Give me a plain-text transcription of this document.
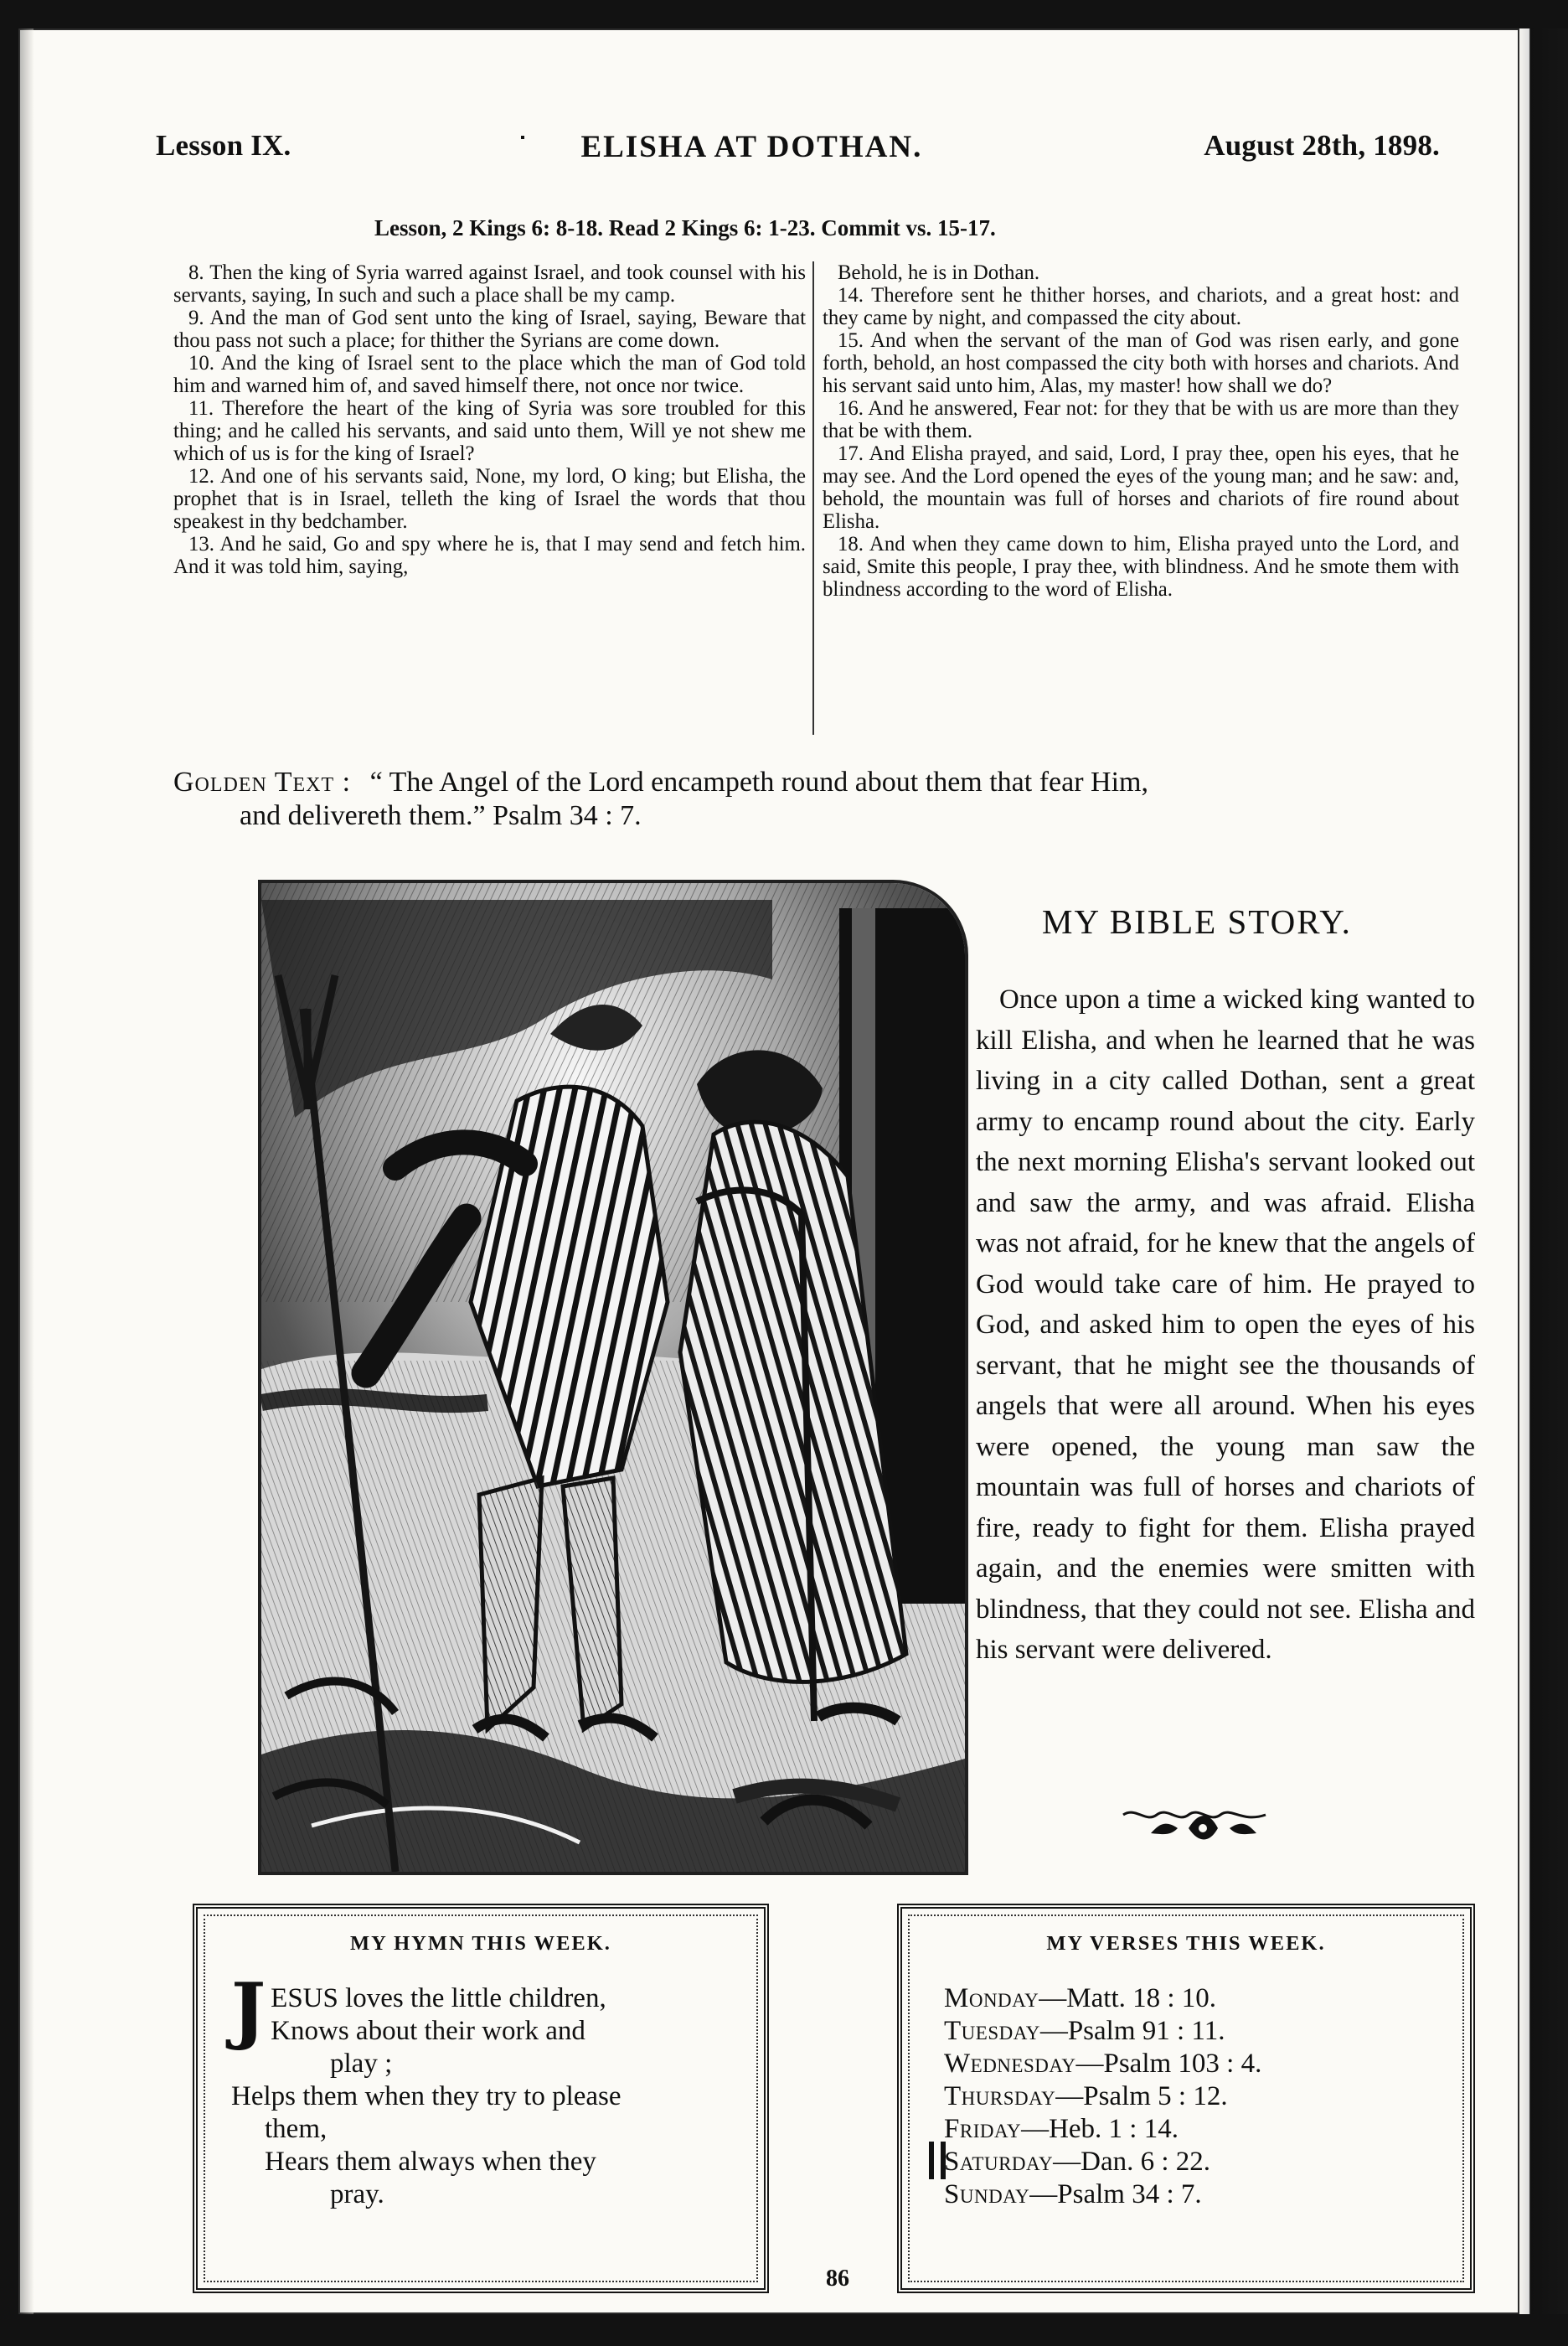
Lesson IX.	ELISHA AT DOTHAN.	August 28th, 1898.
Lesson, 2 Kings 6: 8-18. Read 2 Kings 6: 1-23. Commit vs. 15-17.

8. Then the king of Syria warred against Israel, and took counsel with his servants, saying, In such and such a place shall be my camp.

9. And the man of God sent unto the king of Israel, saying, Beware that thou pass not such a place; for thither the Syrians are come down.

10. And the king of Israel sent to the place which the man of God told him and warned him of, and saved himself there, not once nor twice.

11. Therefore the heart of the king of Syria was sore troubled for this thing; and he called his servants, and said unto them, Will ye not shew me which of us is for the king of Israel?

12. And one of his servants said, None, my lord, O king; but Elisha, the prophet that is in Israel, telleth the king of Israel the words that thou speakest in thy bedchamber.

13. And he said, Go and spy where he is, that I may send and fetch him. And it was told him, saying,

Behold, he is in Dothan.

14. Therefore sent he thither horses, and chariots, and a great host: and they came by night, and compassed the city about.

15. And when the servant of the man of God was risen early, and gone forth, behold, an host compassed the city both with horses and chariots. And his servant said unto him, Alas, my master! how shall we do?

16. And he answered, Fear not: for they that be with us are more than they that be with them.

17. And Elisha prayed, and said, Lord, I pray thee, open his eyes, that he may see. And the Lord opened the eyes of the young man; and he saw: and, behold, the mountain was full of horses and chariots of fire round about Elisha.

18. And when they came down to him, Elisha prayed unto the Lord, and said, Smite this people, I pray thee, with blindness. And he smote them with blindness according to the word of Elisha.

Golden Text : “ The Angel of the Lord encampeth round about them that fear Him,
and delivereth them.” Psalm 34 : 7.
MY BIBLE STORY.

Once upon a time a wicked king wanted to kill Elisha, and when he learned that he was living in a city called Dothan, sent a great army to encamp round about the city. Early the next morning Elisha's servant looked out and saw the army, and was afraid. Elisha was not afraid, for he knew that the angels of God would take care of him. He prayed to God, and asked him to open the eyes of his servant, that he might see the thousands of angels that were all around. When his eyes were opened, the young man saw the mountain was full of horses and chariots of fire, ready to fight for them. Elisha prayed again, and the enemies were smitten with blindness, that they could not see. Elisha and his servant were delivered.

MY HYMN THIS WEEK.
J ESUS loves the little children,
Knows about their work and
play ;
Helps them when they try to please
them,
Hears them always when they
pray.
MY VERSES THIS WEEK.
Monday—Matt. 18 : 10.
Tuesday—Psalm 91 : 11.
Wednesday—Psalm 103 : 4.
Thursday—Psalm 5 : 12.
Friday—Heb. 1 : 14.
Saturday—Dan. 6 : 22.
Sunday—Psalm 34 : 7.
86
